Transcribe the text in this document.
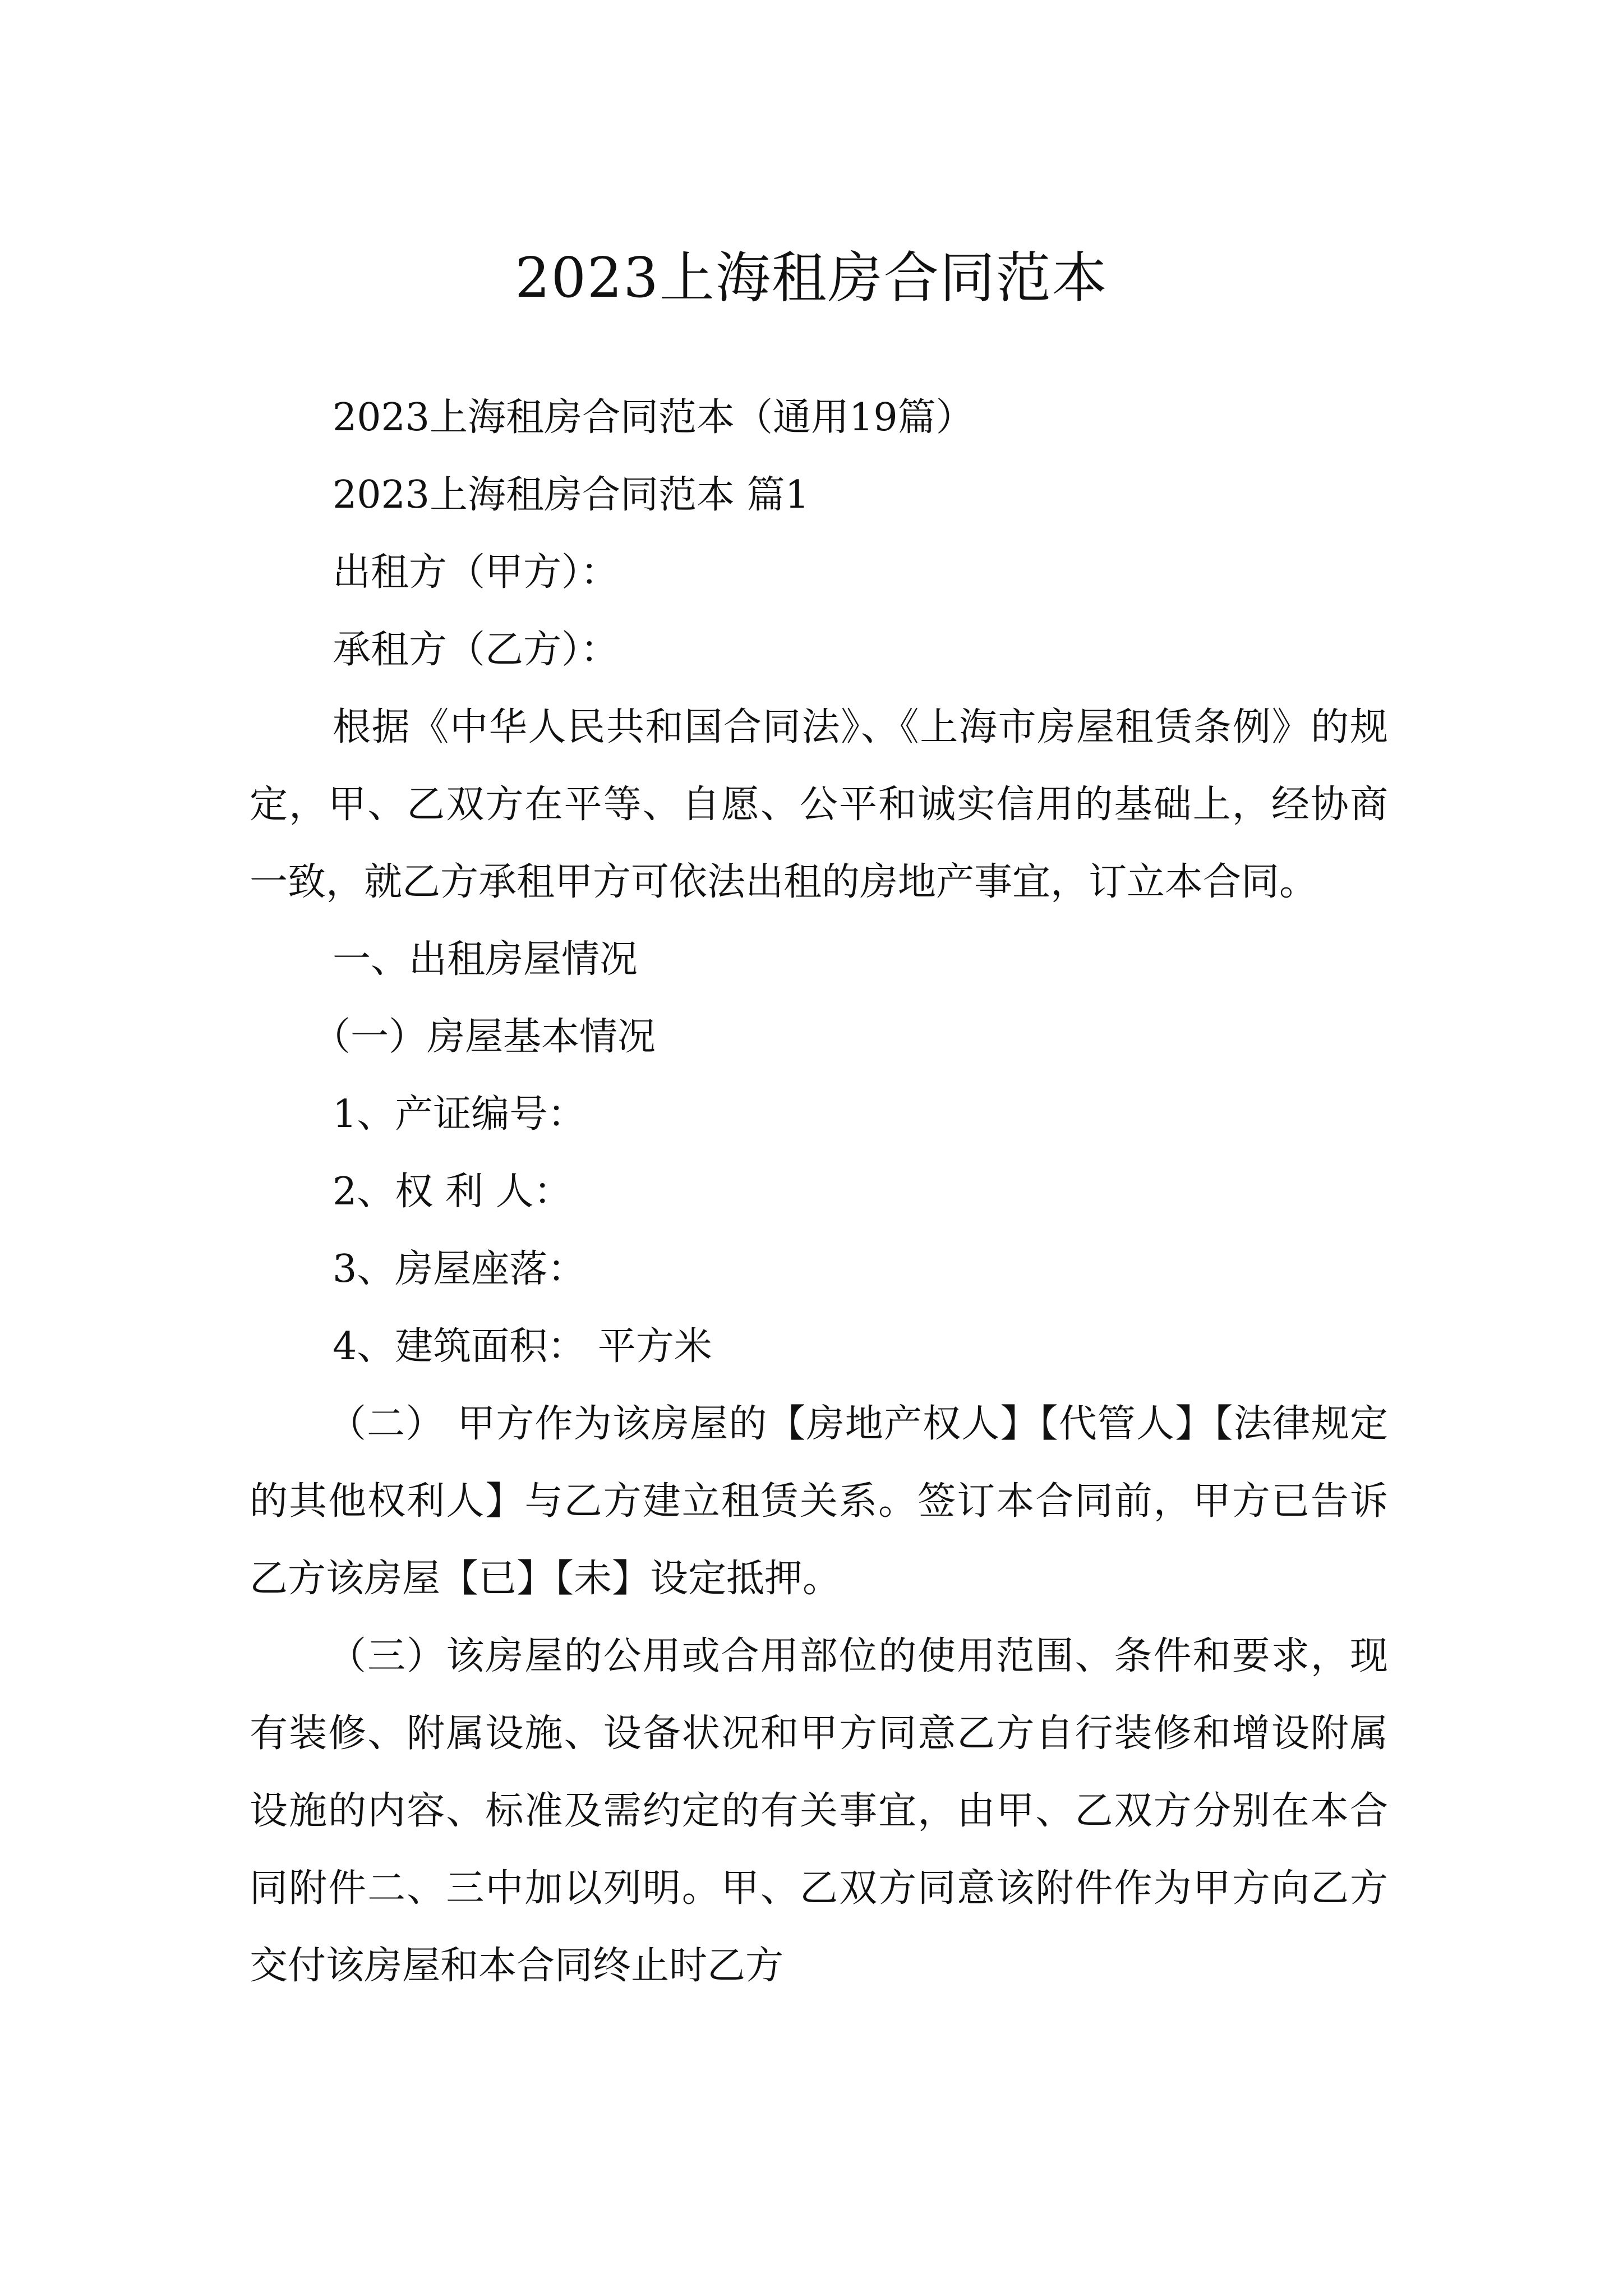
2023上海租房合同范本

2023上海租房合同范本（通用19篇）

2023上海租房合同范本 篇1

出租方（甲方）：

承租方（乙方）：

根据《中华人民共和国合同法》、《上海市房屋租赁条例》的规定，甲、乙双方在平等、自愿、公平和诚实信用的基础上，经协商一致，就乙方承租甲方可依法出租的房地产事宜，订立本合同。

一、出租房屋情况

（一）房屋基本情况

1、产证编号：

2、权 利 人：

3、房屋座落：

4、建筑面积： 平方米

（二） 甲方作为该房屋的【房地产权人】【代管人】【法律规定的其他权利人】与乙方建立租赁关系。签订本合同前，甲方已告诉乙方该房屋【已】【未】设定抵押。

（三）该房屋的公用或合用部位的使用范围、条件和要求，现有装修、附属设施、设备状况和甲方同意乙方自行装修和增设附属设施的内容、标准及需约定的有关事宜，由甲、乙双方分别在本合同附件二、三中加以列明。甲、乙双方同意该附件作为甲方向乙方交付该房屋和本合同终止时乙方
